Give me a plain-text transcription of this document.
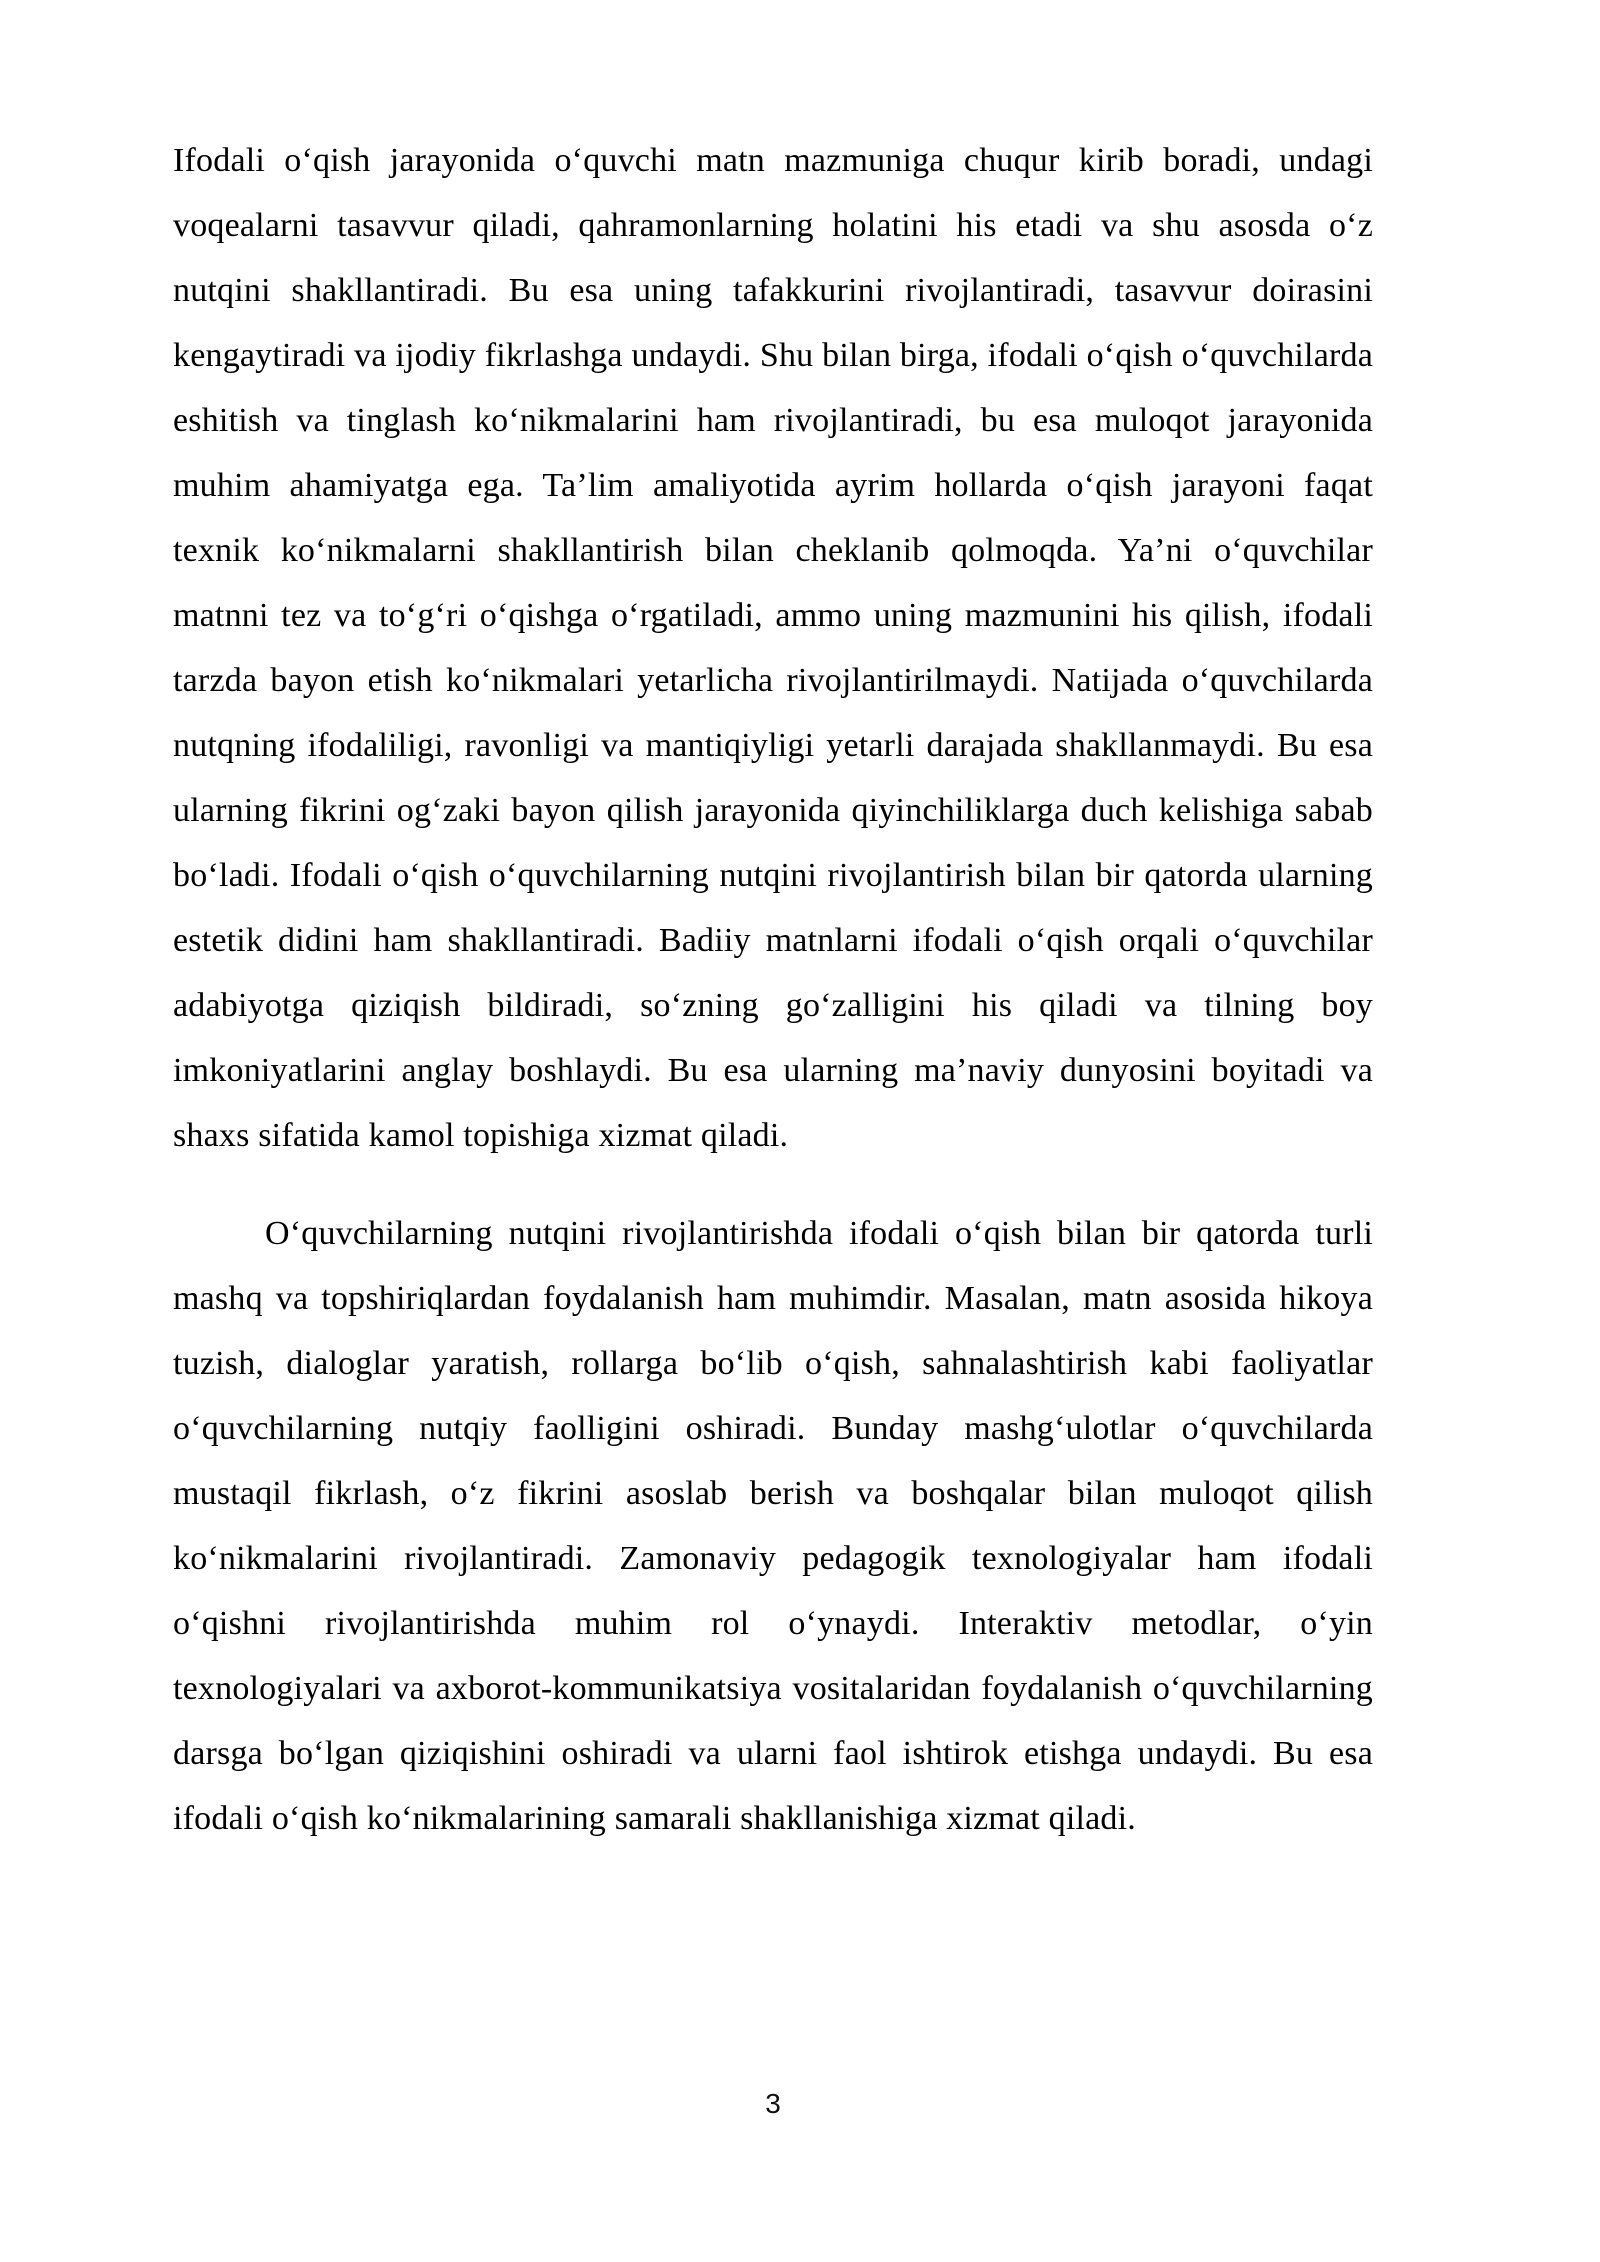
Ifodali o‘qish jarayonida o‘quvchi matn mazmuniga chuqur kirib boradi, undagi voqealarni tasavvur qiladi, qahramonlarning holatini his etadi va shu asosda o‘z nutqini shakllantiradi. Bu esa uning tafakkurini rivojlantiradi, tasavvur doirasini kengaytiradi va ijodiy fikrlashga undaydi. Shu bilan birga, ifodali o‘qish o‘quvchilarda eshitish va tinglash ko‘nikmalarini ham rivojlantiradi, bu esa muloqot jarayonida muhim ahamiyatga ega. Ta’lim amaliyotida ayrim hollarda o‘qish jarayoni faqat texnik ko‘nikmalarni shakllantirish bilan cheklanib qolmoqda. Ya’ni o‘quvchilar matnni tez va to‘g‘ri o‘qishga o‘rgatiladi, ammo uning mazmunini his qilish, ifodali tarzda bayon etish ko‘nikmalari yetarlicha rivojlantirilmaydi. Natijada o‘quvchilarda nutqning ifodaliligi, ravonligi va mantiqiyligi yetarli darajada shakllanmaydi. Bu esa ularning fikrini og‘zaki bayon qilish jarayonida qiyinchiliklarga duch kelishiga sabab bo‘ladi. Ifodali o‘qish o‘quvchilarning nutqini rivojlantirish bilan bir qatorda ularning estetik didini ham shakllantiradi. Badiiy matnlarni ifodali o‘qish orqali o‘quvchilar adabiyotga qiziqish bildiradi, so‘zning go‘zalligini his qiladi va tilning boy imkoniyatlarini anglay boshlaydi. Bu esa ularning ma’naviy dunyosini boyitadi va shaxs sifatida kamol topishiga xizmat qiladi.

O‘quvchilarning nutqini rivojlantirishda ifodali o‘qish bilan bir qatorda turli mashq va topshiriqlardan foydalanish ham muhimdir. Masalan, matn asosida hikoya tuzish, dialoglar yaratish, rollarga bo‘lib o‘qish, sahnalashtirish kabi faoliyatlar o‘quvchilarning nutqiy faolligini oshiradi. Bunday mashg‘ulotlar o‘quvchilarda mustaqil fikrlash, o‘z fikrini asoslab berish va boshqalar bilan muloqot qilish ko‘nikmalarini rivojlantiradi. Zamonaviy pedagogik texnologiyalar ham ifodali o‘qishni rivojlantirishda muhim rol o‘ynaydi. Interaktiv metodlar, o‘yin texnologiyalari va axborot-kommunikatsiya vositalaridan foydalanish o‘quvchilarning darsga bo‘lgan qiziqishini oshiradi va ularni faol ishtirok etishga undaydi. Bu esa ifodali o‘qish ko‘nikmalarining samarali shakllanishiga xizmat qiladi.

3
